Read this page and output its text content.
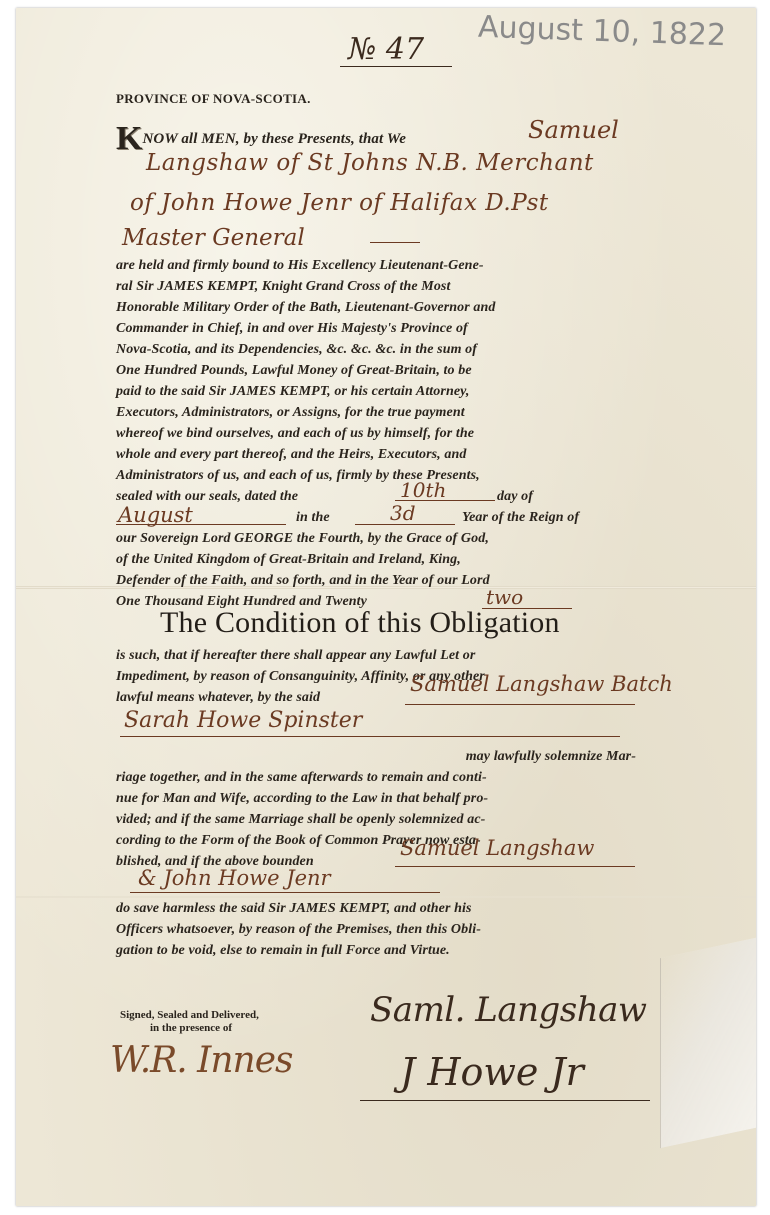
№ 47 August 10, 1822
PROVINCE OF NOVA-SCOTIA.
KNOW all MEN, by these Presents, that We	Samuel
Langshaw of St Johns N.B. Merchant
of John Howe Jenr of Halifax D.Pst
Master General
are held and firmly bound to His Excellency Lieutenant-Gene-
ral Sir JAMES KEMPT, Knight Grand Cross of the Most
Honorable Military Order of the Bath, Lieutenant-Governor and
Commander in Chief, in and over His Majesty's Province of
Nova-Scotia, and its Dependencies, &c. &c. &c. in the sum of
One Hundred Pounds, Lawful Money of Great-Britain, to be
paid to the said Sir JAMES KEMPT, or his certain Attorney,
Executors, Administrators, or Assigns, for the true payment
whereof we bind ourselves, and each of us by himself, for the
whole and every part thereof, and the Heirs, Executors, and
Administrators of us, and each of us, firmly by these Presents,
sealed with our seals, dated the	10th	day of
August	in the	3d	Year of the Reign of
our Sovereign Lord GEORGE the Fourth, by the Grace of God,
of the United Kingdom of Great-Britain and Ireland, King,
Defender of the Faith, and so forth, and in the Year of our Lord
One Thousand Eight Hundred and Twenty	two
The Condition of this Obligation
is such, that if hereafter there shall appear any Lawful Let or
Impediment, by reason of Consanguinity, Affinity, or any other
lawful means whatever, by the said
Samuel Langshaw Batch
Sarah Howe Spinster
may lawfully solemnize Mar-
riage together, and in the same afterwards to remain and conti-
nue for Man and Wife, according to the Law in that behalf pro-
vided; and if the same Marriage shall be openly solemnized ac-
cording to the Form of the Book of Common Prayer now esta-
blished, and if the above bounden
Samuel Langshaw
& John Howe Jenr
do save harmless the said Sir JAMES KEMPT, and other his
Officers whatsoever, by reason of the Premises, then this Obli-
gation to be void, else to remain in full Force and Virtue.
Signed, Sealed and Delivered,
in the presence of
W.R. Innes
Saml. Langshaw
J Howe Jr
